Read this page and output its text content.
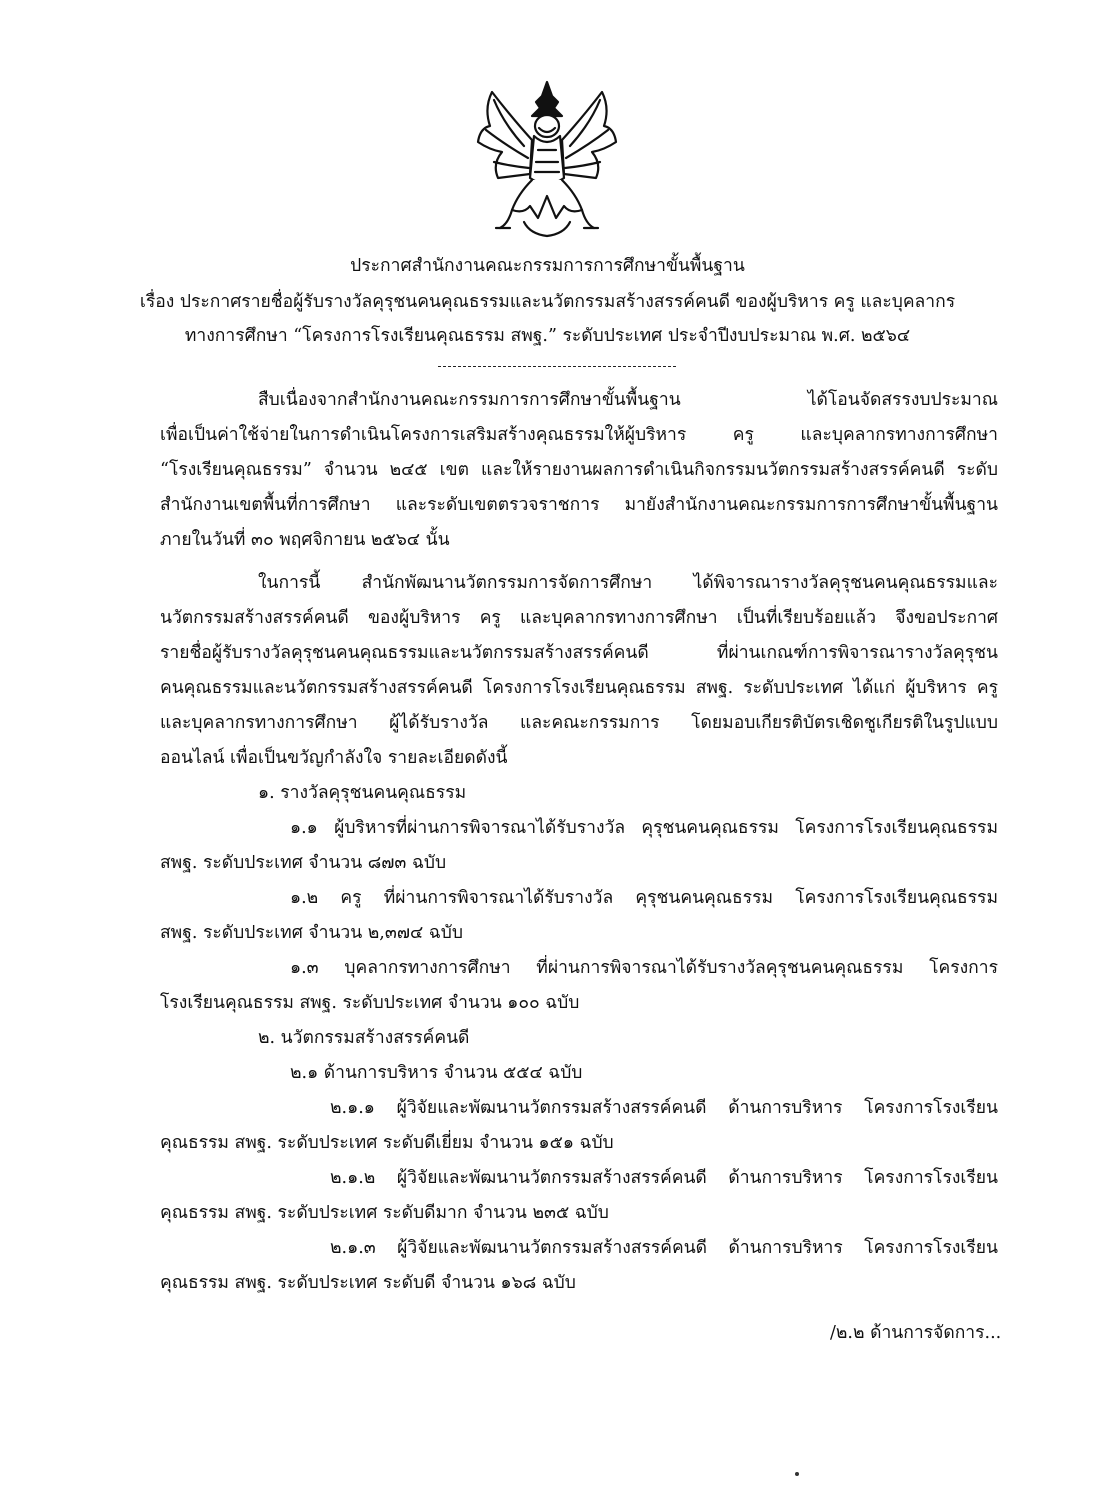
ประกาศสำนักงานคณะกรรมการการศึกษาขั้นพื้นฐาน
เรื่อง ประกาศรายชื่อผู้รับรางวัลคุรุชนคนคุณธรรมและนวัตกรรมสร้างสรรค์คนดี ของผู้บริหาร ครู และบุคลากร
ทางการศึกษา “โครงการโรงเรียนคุณธรรม สพฐ.” ระดับประเทศ ประจำปีงบประมาณ พ.ศ. ๒๕๖๔
สืบเนื่องจากสำนักงานคณะกรรมการการศึกษาขั้นพื้นฐาน ได้โอนจัดสรรงบประมาณ
เพื่อเป็นค่าใช้จ่ายในการดำเนินโครงการเสริมสร้างคุณธรรมให้ผู้บริหาร ครู และบุคลากรทางการศึกษา
“โรงเรียนคุณธรรม” จำนวน ๒๔๕ เขต และให้รายงานผลการดำเนินกิจกรรมนวัตกรรมสร้างสรรค์คนดี ระดับ
สำนักงานเขตพื้นที่การศึกษา และระดับเขตตรวจราชการ มายังสำนักงานคณะกรรมการการศึกษาขั้นพื้นฐาน
ภายในวันที่ ๓๐ พฤศจิกายน ๒๕๖๔ นั้น
ในการนี้ สำนักพัฒนานวัตกรรมการจัดการศึกษา ได้พิจารณารางวัลคุรุชนคนคุณธรรมและ
นวัตกรรมสร้างสรรค์คนดี ของผู้บริหาร ครู และบุคลากรทางการศึกษา เป็นที่เรียบร้อยแล้ว จึงขอประกาศ
รายชื่อผู้รับรางวัลคุรุชนคนคุณธรรมและนวัตกรรมสร้างสรรค์คนดี ที่ผ่านเกณฑ์การพิจารณารางวัลคุรุชน
คนคุณธรรมและนวัตกรรมสร้างสรรค์คนดี โครงการโรงเรียนคุณธรรม สพฐ. ระดับประเทศ ได้แก่ ผู้บริหาร ครู
และบุคลากรทางการศึกษา ผู้ได้รับรางวัล และคณะกรรมการ โดยมอบเกียรติบัตรเชิดชูเกียรติในรูปแบบ
ออนไลน์ เพื่อเป็นขวัญกำลังใจ รายละเอียดดังนี้
๑. รางวัลคุรุชนคนคุณธรรม
๑.๑ ผู้บริหารที่ผ่านการพิจารณาได้รับรางวัล คุรุชนคนคุณธรรม โครงการโรงเรียนคุณธรรม
สพฐ. ระดับประเทศ จำนวน ๘๗๓ ฉบับ
๑.๒ ครู ที่ผ่านการพิจารณาได้รับรางวัล คุรุชนคนคุณธรรม โครงการโรงเรียนคุณธรรม
สพฐ. ระดับประเทศ จำนวน ๒,๓๗๔ ฉบับ
๑.๓ บุคลากรทางการศึกษา ที่ผ่านการพิจารณาได้รับรางวัลคุรุชนคนคุณธรรม โครงการ
โรงเรียนคุณธรรม สพฐ. ระดับประเทศ จำนวน ๑๐๐ ฉบับ
๒. นวัตกรรมสร้างสรรค์คนดี
๒.๑ ด้านการบริหาร จำนวน ๕๕๔ ฉบับ
๒.๑.๑ ผู้วิจัยและพัฒนานวัตกรรมสร้างสรรค์คนดี ด้านการบริหาร โครงการโรงเรียน
คุณธรรม สพฐ. ระดับประเทศ ระดับดีเยี่ยม จำนวน ๑๕๑ ฉบับ
๒.๑.๒ ผู้วิจัยและพัฒนานวัตกรรมสร้างสรรค์คนดี ด้านการบริหาร โครงการโรงเรียน
คุณธรรม สพฐ. ระดับประเทศ ระดับดีมาก จำนวน ๒๓๕ ฉบับ
๒.๑.๓ ผู้วิจัยและพัฒนานวัตกรรมสร้างสรรค์คนดี ด้านการบริหาร โครงการโรงเรียน
คุณธรรม สพฐ. ระดับประเทศ ระดับดี จำนวน ๑๖๘ ฉบับ
/๒.๒ ด้านการจัดการ...
